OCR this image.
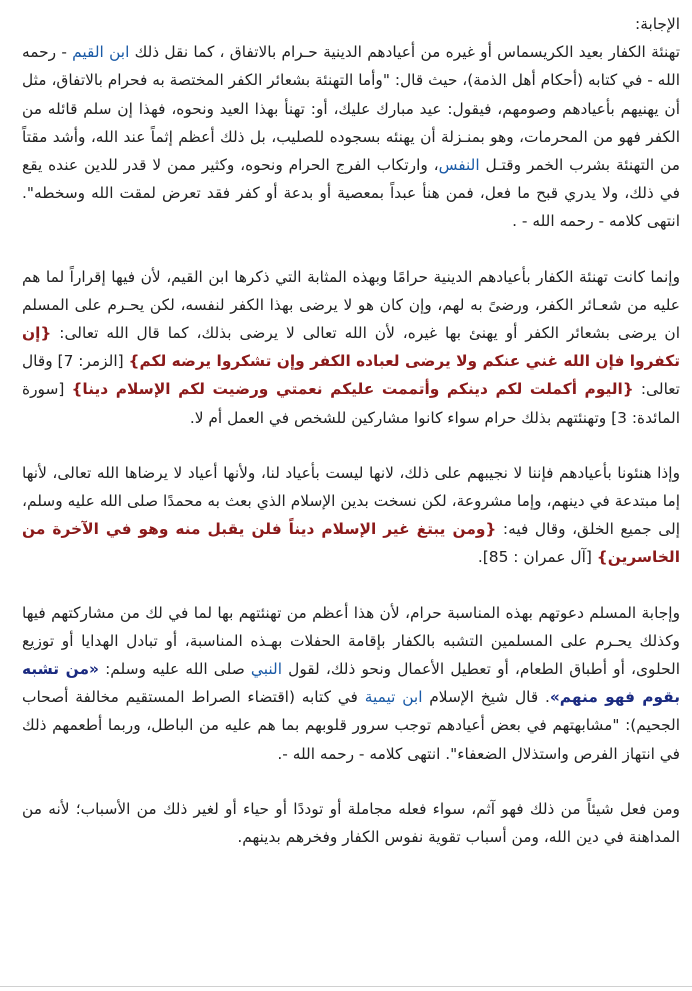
الإجابة:

تهنئة الكفار بعيد الكريسماس أو غيره من أعيادهم الدينية حـرام بالاتفاق ، كما نقل ذلك ابن القيم - رحمه الله - في كتابه (أحكام أهل الذمة)، حيث قال: "وأما التهنئة بشعائر الكفر المختصة به فحرام بالاتفاق، مثل أن يهنيهم بأعيادهم وصومهم، فيقول: عيد مبارك عليك، أو: تهنأ بهذا العيد ونحوه، فهذا إن سلم قائله من الكفر فهو من المحرمات، وهو بمنـزلة أن يهنئه بسجوده للصليب، بل ذلك أعظم إثماً عند الله، وأشد مقتاً من التهنئة بشرب الخمر وقتـل النفس، وارتكاب الفرج الحرام ونحوه، وكثير ممن لا قدر للدين عنده يقع في ذلك، ولا يدري قبح ما فعل، فمن هنأ عبداً بمعصية أو بدعة أو كفر فقد تعرض لمقت الله وسخطه". انتهى كلامه - رحمه الله - .

وإنما كانت تهنئة الكفار بأعيادهم الدينية حرامًا وبهذه المثابة التي ذكرها ابن القيم، لأن فيها إقراراً لما هم عليه من شعـائر الكفر، ورضىً به لهم، وإن كان هو لا يرضى بهذا الكفر لنفسه، لكن يحـرم على المسلم ان يرضى بشعائر الكفر أو يهنئ بها غيره، لأن الله تعالى لا يرضى بذلك، كما قال الله تعالى: {إن تكفروا فإن الله غني عنكم ولا يرضى لعباده الكفر وإن تشكروا يرضه لكم} [الزمر: 7] وقال تعالى: {اليوم أكملت لكم دينكم وأتممت عليكم نعمتي ورضيت لكم الإسلام دينا} [سورة المائدة: 3] وتهنئتهم بذلك حرام سواء كانوا مشاركين للشخص في العمل أم لا.

وإذا هنئونا بأعيادهم فإننا لا نجيبهم على ذلك، لانها ليست بأعياد لنا، ولأنها أعياد لا يرضاها الله تعالى، لأنها إما مبتدعة في دينهم، وإما مشروعة، لكن نسخت بدين الإسلام الذي بعث به محمدًا صلى الله عليه وسلم، إلى جميع الخلق، وقال فيه: {ومن يبتغ غير الإسلام ديناً فلن يقبل منه وهو في الآخرة من الخاسرين} [آل عمران : 85].

وإجابة المسلم دعوتهم بهذه المناسبة حرام، لأن هذا أعظم من تهنئتهم بها لما في لك من مشاركتهم فيها وكذلك يحـرم على المسلمين التشبه بالكفار بإقامة الحفلات بهـذه المناسبة، أو تبادل الهدايا أو توزيع الحلوى، أو أطباق الطعام، أو تعطيل الأعمال ونحو ذلك، لقول النبي صلى الله عليه وسلم: «من تشبه بقوم فهو منهم». قال شيخ الإسلام ابن تيمية في كتابه (اقتضاء الصراط المستقيم مخالفة أصحاب الجحيم): "مشابهتهم في بعض أعيادهم توجب سرور قلوبهم بما هم عليه من الباطل، وربما أطعمهم ذلك في انتهاز الفرص واستذلال الضعفاء". انتهى كلامه - رحمه الله -.

ومن فعل شيئاً من ذلك فهو آثم، سواء فعله مجاملة أو توددًا أو حياء أو لغير ذلك من الأسباب؛ لأنه من المداهنة في دين الله، ومن أسباب تقوية نفوس الكفار وفخرهم بدينهم.
